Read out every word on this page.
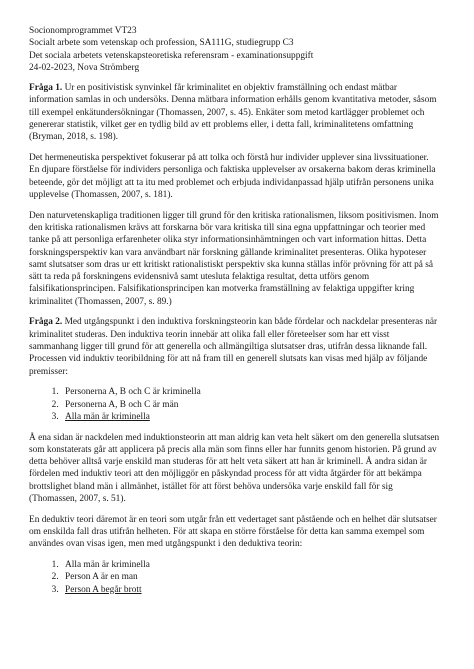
Socionomprogrammet VT23
Socialt arbete som vetenskap och profession, SA111G, studiegrupp C3
Det sociala arbetets vetenskapsteoretiska referensram - examinationsuppgift
24-02-2023, Nova Strömberg

Fråga 1. Ur en positivistisk synvinkel får kriminalitet en objektiv framställning och endast mätbar information samlas in och undersöks. Denna mätbara information erhålls genom kvantitativa metoder, såsom till exempel enkätundersökningar (Thomassen, 2007, s. 45). Enkäter som metod kartlägger problemet och genererar statistik, vilket ger en tydlig bild av ett problems eller, i detta fall, kriminalitetens omfattning (Bryman, 2018, s. 198).

Det hermeneutiska perspektivet fokuserar på att tolka och förstå hur individer upplever sina livssituationer. En djupare förståelse för individers personliga och faktiska upplevelser av orsakerna bakom deras kriminella beteende, gör det möjligt att ta itu med problemet och erbjuda individanpassad hjälp utifrån personens unika upplevelse (Thomassen, 2007, s. 181).

Den naturvetenskapliga traditionen ligger till grund för den kritiska rationalismen, liksom positivismen. Inom den kritiska rationalismen krävs att forskarna bör vara kritiska till sina egna uppfattningar och teorier med tanke på att personliga erfarenheter olika styr informationsinhämtningen och vart information hittas. Detta forskningsperspektiv kan vara användbart när forskning gällande kriminalitet presenteras. Olika hypoteser samt slutsatser som dras ur ett kritiskt rationalistiskt perspektiv ska kunna ställas inför prövning för att på så sätt ta reda på forskningens evidensnivå samt utesluta felaktiga resultat, detta utförs genom falsifikationsprincipen. Falsifikationsprincipen kan motverka framställning av felaktiga uppgifter kring kriminalitet (Thomassen, 2007, s. 89.)

Fråga 2. Med utgångspunkt i den induktiva forskningsteorin kan både fördelar och nackdelar presenteras när kriminalitet studeras. Den induktiva teorin innebär att olika fall eller företeelser som har ett visst sammanhang ligger till grund för att generella och allmängiltiga slutsatser dras, utifrån dessa liknande fall. Processen vid induktiv teoribildning för att nå fram till en generell slutsats kan visas med hjälp av följande premisser:

1. Personerna A, B och C är kriminella
2. Personerna A, B och C är män
3. Alla män är kriminella

Å ena sidan är nackdelen med induktionsteorin att man aldrig kan veta helt säkert om den generella slutsatsen som konstaterats går att applicera på precis alla män som finns eller har funnits genom historien. På grund av detta behöver alltså varje enskild man studeras för att helt veta säkert att han är kriminell. Å andra sidan är fördelen med induktiv teori att den möjliggör en påskyndad process för att vidta åtgärder för att bekämpa brottslighet bland män i allmänhet, istället för att först behöva undersöka varje enskild fall för sig (Thomassen, 2007, s. 51).

En deduktiv teori däremot är en teori som utgår från ett vedertaget sant påstående och en helhet där slutsatser om enskilda fall dras utifrån helheten. För att skapa en större förståelse för detta kan samma exempel som användes ovan visas igen, men med utgångspunkt i den deduktiva teorin:

1. Alla män är kriminella
2. Person A är en man
3. Person A begår brott
